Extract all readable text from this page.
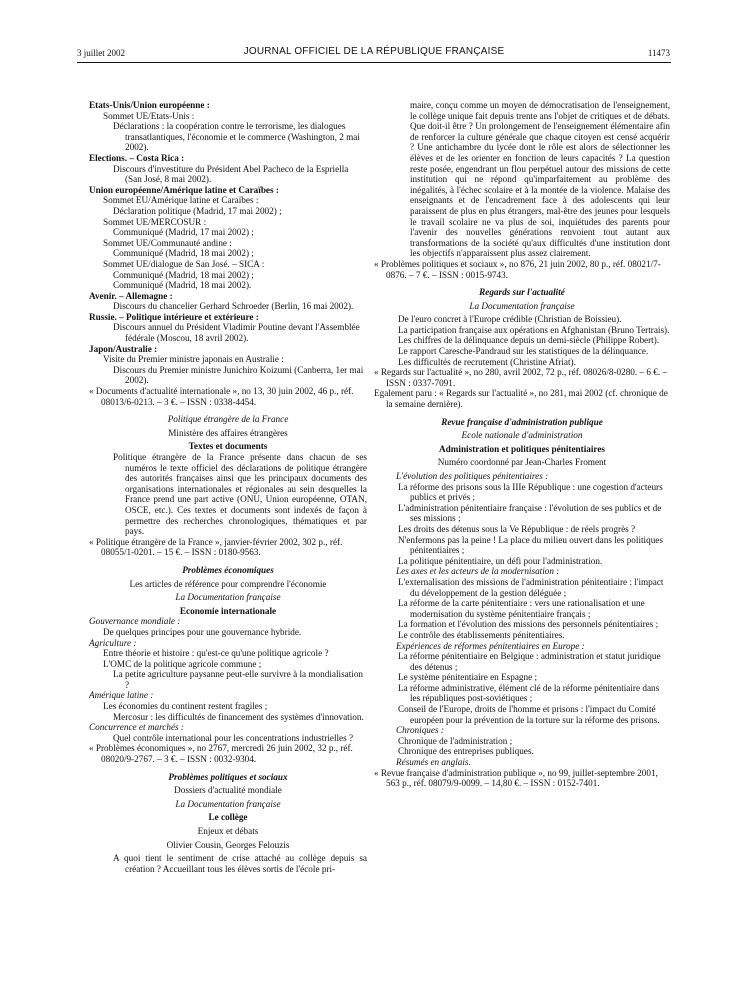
3 juillet 2002	JOURNAL OFFICIEL DE LA RÉPUBLIQUE FRANÇAISE	11473
Etats-Unis/Union européenne :
Sommet UE/Etats-Unis :
Déclarations : la coopération contre le terrorisme, les dialogues transatlantiques, l'économie et le commerce (Washington, 2 mai 2002).
Elections. – Costa Rica :
Discours d'investiture du Président Abel Pacheco de la Espriella (San José, 8 mai 2002).
Union européenne/Amérique latine et Caraïbes :
Sommet EU/Amérique latine et Caraïbes :
Déclaration politique (Madrid, 17 mai 2002) ;
Sommet UE/MERCOSUR :
Communiqué (Madrid, 17 mai 2002) ;
Sommet UE/Communauté andine :
Communiqué (Madrid, 18 mai 2002) ;
Sommet UE/dialogue de San José. – SICA :
Communiqué (Madrid, 18 mai 2002) ;
Communiqué (Madrid, 18 mai 2002).
Avenir. – Allemagne :
Discours du chancelier Gerhard Schroeder (Berlin, 16 mai 2002).
Russie. – Politique intérieure et extérieure :
Discours annuel du Président Vladimir Poutine devant l'Assemblée fédérale (Moscou, 18 avril 2002).
Japon/Australie :
Visite du Premier ministre japonais en Australie :
Discours du Premier ministre Junichiro Koizumi (Canberra, 1er mai 2002).
« Documents d'actualité internationale », no 13, 30 juin 2002, 46 p., réf. 08013/6-0213. – 3 €. – ISSN : 0338-4454.
Politique étrangère de la France
Ministère des affaires étrangères
Textes et documents
Politique étrangère de la France présente dans chacun de ses numéros le texte officiel des déclarations de politique étrangère des autorités françaises ainsi que les principaux documents des organisations internationales et régionales au sein desquelles la France prend une part active (ONU, Union européenne, OTAN, OSCE, etc.). Ces textes et documents sont indexés de façon à permettre des recherches chronologiques, thématiques et par pays.
« Politique étrangère de la France », janvier-février 2002, 302 p., réf. 08055/1-0201. – 15 €. – ISSN : 0180-9563.
Problèmes économiques
Les articles de référence pour comprendre l'économie
La Documentation française
Economie internationale
Gouvernance mondiale :
De quelques principes pour une gouvernance hybride.
Agriculture :
Entre théorie et histoire : qu'est-ce qu'une politique agricole ?
L'OMC de la politique agricole commune ;
La petite agriculture paysanne peut-elle survivre à la mondialisation ?
Amérique latine :
Les économies du continent restent fragiles ;
Mercosur : les difficultés de financement des systèmes d'innovation.
Concurrence et marchés :
Quel contrôle international pour les concentrations industrielles ?
« Problèmes économiques », no 2767, mercredi 26 juin 2002, 32 p., réf. 08020/9-2767. – 3 €. – ISSN : 0032-9304.
Problèmes politiques et sociaux
Dossiers d'actualité mondiale
La Documentation française
Le collège
Enjeux et débats
Olivier Cousin, Georges Felouzis
A quoi tient le sentiment de crise attaché au collège depuis sa création ? Accueillant tous les élèves sortis de l'école pri-
maire, conçu comme un moyen de démocratisation de l'enseignement, le collège unique fait depuis trente ans l'objet de critiques et de débats. Que doit-il être ? Un prolongement de l'enseignement élémentaire afin de renforcer la culture générale que chaque citoyen est censé acquérir ? Une antichambre du lycée dont le rôle est alors de sélectionner les élèves et de les orienter en fonction de leurs capacités ? La question reste posée, engendrant un flou perpétuel autour des missions de cette institution qui ne répond qu'imparfaitement au problème des inégalités, à l'échec scolaire et à la montée de la violence. Malaise des enseignants et de l'encadrement face à des adolescents qui leur paraissent de plus en plus étrangers, mal-être des jeunes pour lesquels le travail scolaire ne va plus de soi, inquiétudes des parents pour l'avenir des nouvelles générations renvoient tout autant aux transformations de la société qu'aux difficultés d'une institution dont les objectifs n'apparaissent plus assez clairement.
« Problèmes politiques et sociaux », no 876, 21 juin 2002, 80 p., réf. 08021/7-0876. – 7 €. – ISSN : 0015-9743.
Regards sur l'actualité
La Documentation française
De l'euro concret à l'Europe crédible (Christian de Boissieu).
La participation française aux opérations en Afghanistan (Bruno Tertrais).
Les chiffres de la délinquance depuis un demi-siècle (Philippe Robert).
Le rapport Caresche-Pandraud sur les statistiques de la délinquance.
Les difficultés de recrutement (Christine Afriat).
« Regards sur l'actualité », no 280, avril 2002, 72 p., réf. 08026/8-0280. – 6 €. – ISSN : 0337-7091.
Egalement paru : « Regards sur l'actualité », no 281, mai 2002 (cf. chronique de la semaine dernière).
Revue française d'administration publique
Ecole nationale d'administration
Administration et politiques pénitentiaires
Numéro coordonné par Jean-Charles Froment
L'évolution des politiques pénitentiaires :
La réforme des prisons sous la IIIe République : une cogestion d'acteurs publics et privés ;
L'administration pénitentiaire française : l'évolution de ses publics et de ses missions ;
Les droits des détenus sous la Ve République : de réels progrès ?
N'enfermons pas la peine ! La place du milieu ouvert dans les politiques pénitentiaires ;
La politique pénitentiaire, un défi pour l'administration.
Les axes et les acteurs de la modernisation :
L'externalisation des missions de l'administration pénitentiaire : l'impact du développement de la gestion déléguée ;
La réforme de la carte pénitentiaire : vers une rationalisation et une modernisation du système pénitentiaire français ;
La formation et l'évolution des missions des personnels pénitentiaires ;
Le contrôle des établissements pénitentiaires.
Expériences de réformes pénitentiaires en Europe :
La réforme pénitentiaire en Belgique : administration et statut juridique des détenus ;
Le système pénitentiaire en Espagne ;
La réforme administrative, élément clé de la réforme pénitentiaire dans les républiques post-soviétiques ;
Conseil de l'Europe, droits de l'homme et prisons : l'impact du Comité européen pour la prévention de la torture sur la réforme des prisons.
Chroniques :
Chronique de l'administration ;
Chronique des entreprises publiques.
Résumés en anglais.
« Revue française d'administration publique », no 99, juillet-septembre 2001, 563 p., réf. 08079/9-0099. – 14,80 €. – ISSN : 0152-7401.
